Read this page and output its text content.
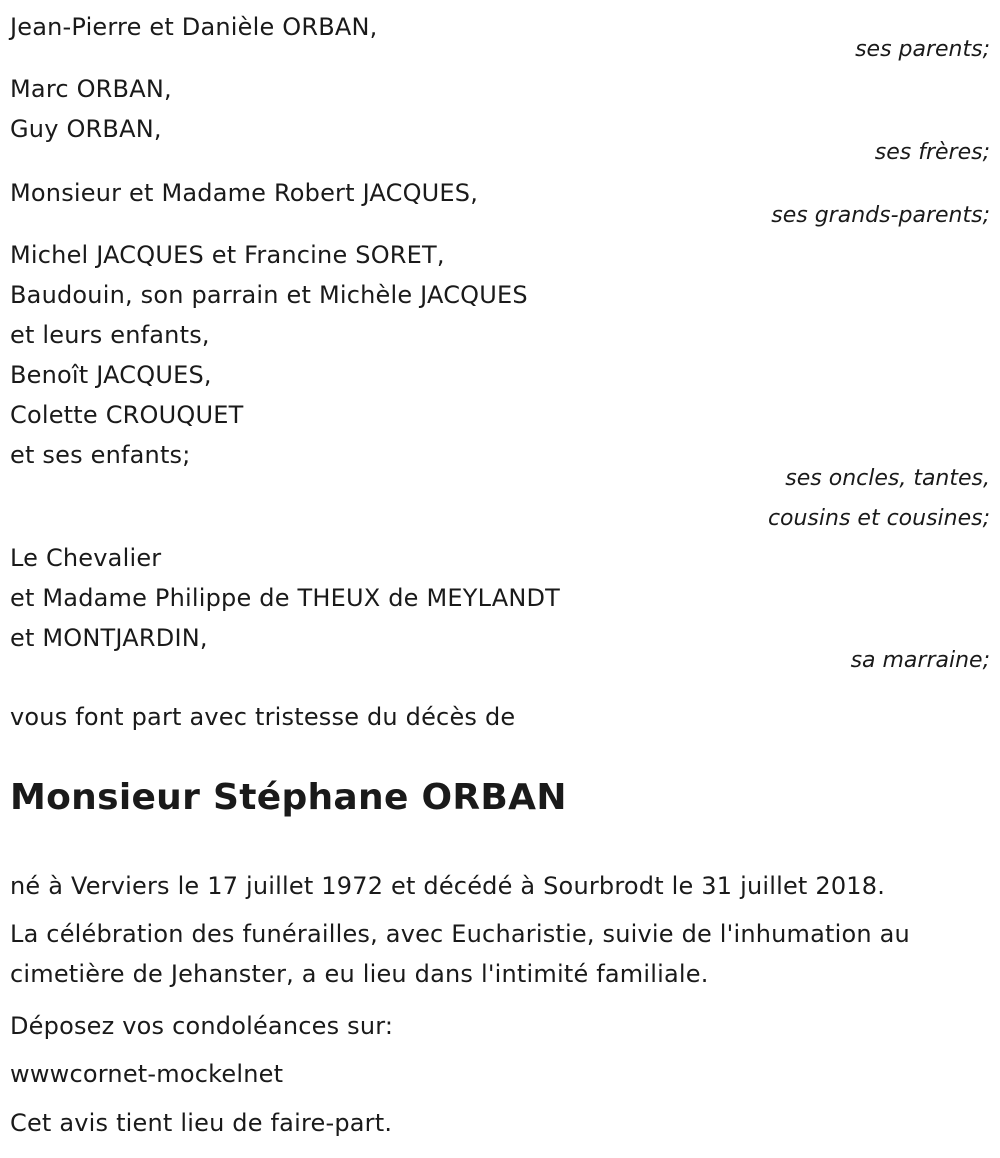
Jean-Pierre et Danièle ORBAN,
ses parents;
Marc ORBAN,
Guy ORBAN,
ses frères;
Monsieur et Madame Robert JACQUES,
ses grands-parents;
Michel JACQUES et Francine SORET,
Baudouin, son parrain et Michèle JACQUES
et leurs enfants,
Benoît JACQUES,
Colette CROUQUET
et ses enfants;
ses oncles, tantes,
cousins et cousines;
Le Chevalier
et Madame Philippe de THEUX de MEYLANDT
et MONTJARDIN,
sa marraine;
vous font part avec tristesse du décès de
Monsieur Stéphane ORBAN
né à Verviers le 17 juillet 1972 et décédé à Sourbrodt le 31 juillet 2018.
La célébration des funérailles, avec Eucharistie, suivie de l'inhumation au
cimetière de Jehanster, a eu lieu dans l'intimité familiale.
Déposez vos condoléances sur:
wwwcornet-mockelnet
Cet avis tient lieu de faire-part.
